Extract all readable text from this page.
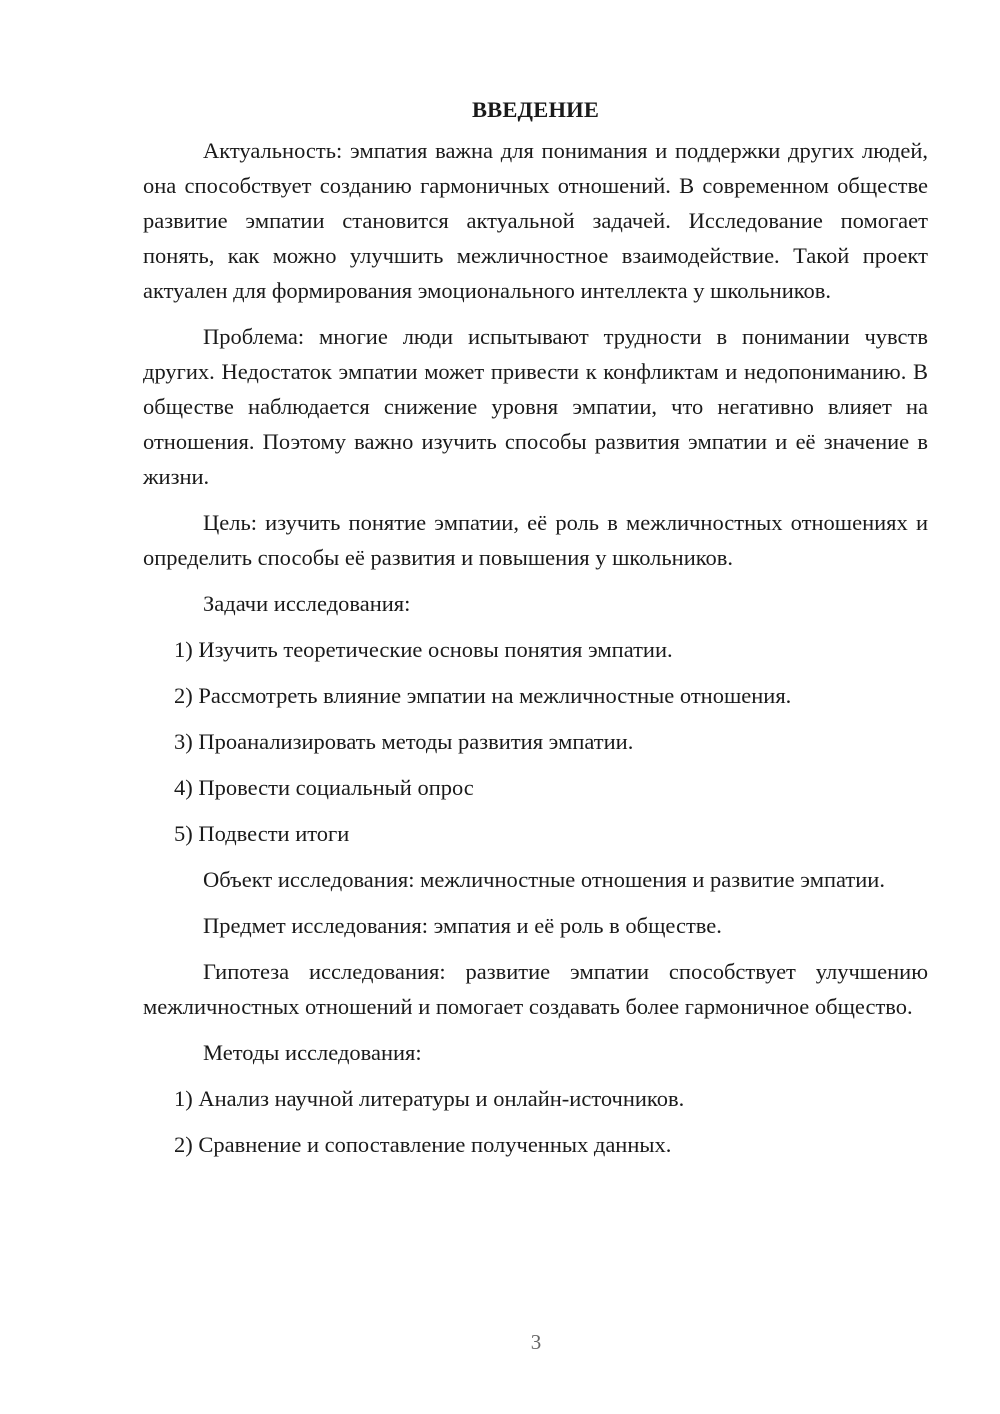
ВВЕДЕНИЕ

Актуальность: эмпатия важна для понимания и поддержки других людей, она способствует созданию гармоничных отношений. В современном обществе развитие эмпатии становится актуальной задачей. Исследование помогает понять, как можно улучшить межличностное взаимодействие. Такой проект актуален для формирования эмоционального интеллекта у школьников.

Проблема: многие люди испытывают трудности в понимании чувств других. Недостаток эмпатии может привести к конфликтам и недопониманию. В обществе наблюдается снижение уровня эмпатии, что негативно влияет на отношения. Поэтому важно изучить способы развития эмпатии и её значение в жизни.

Цель: изучить понятие эмпатии, её роль в межличностных отношениях и определить способы её развития и повышения у школьников.

Задачи исследования:

1) Изучить теоретические основы понятия эмпатии.

2) Рассмотреть влияние эмпатии на межличностные отношения.

3) Проанализировать методы развития эмпатии.

4) Провести социальный опрос

5) Подвести итоги

Объект исследования: межличностные отношения и развитие эмпатии.

Предмет исследования: эмпатия и её роль в обществе.

Гипотеза исследования: развитие эмпатии способствует улучшению межличностных отношений и помогает создавать более гармоничное общество.

Методы исследования:

1) Анализ научной литературы и онлайн-источников.

2) Сравнение и сопоставление полученных данных.

3
